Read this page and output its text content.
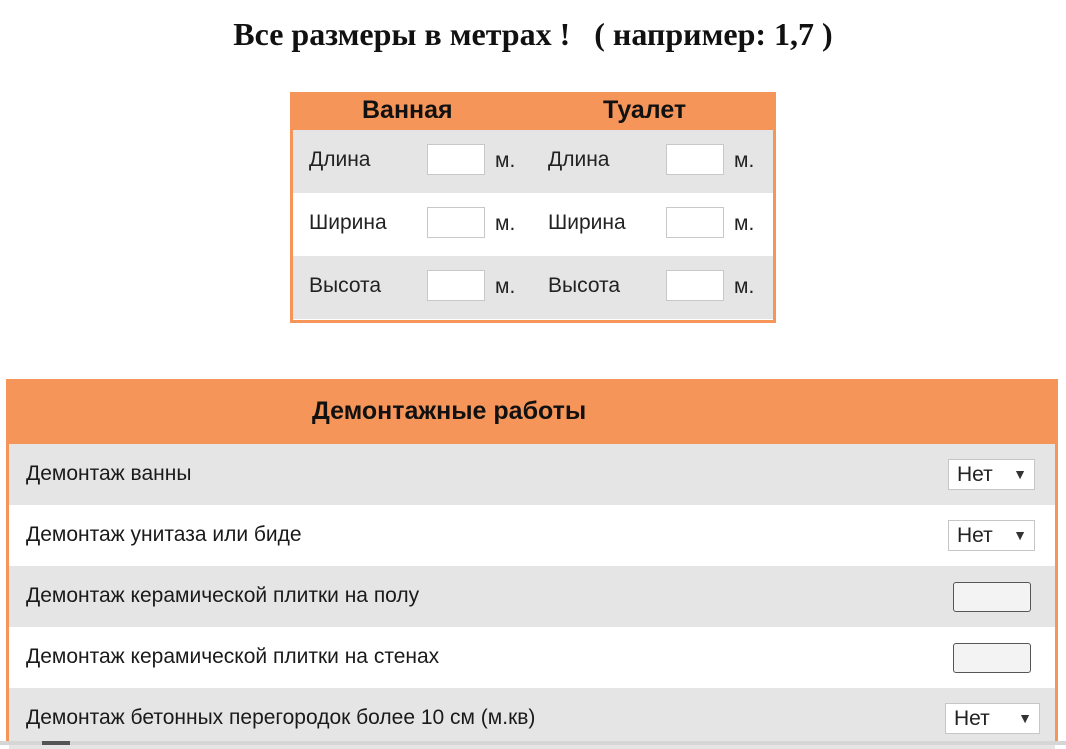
Все размеры в метрах !   ( например: 1,7 )
Ванная	Туалет
Длина	м. Длина	м.
Ширина	м. Ширина	м.
Высота	м. Высота	м.
Демонтажные работы
Демонтаж ванны	Нет ▼
Демонтаж унитаза или биде	Нет ▼
Демонтаж керамической плитки на полу
Демонтаж керамической плитки на стенах
Демонтаж бетонных перегородок более 10 см (м.кв)	Нет ▼
